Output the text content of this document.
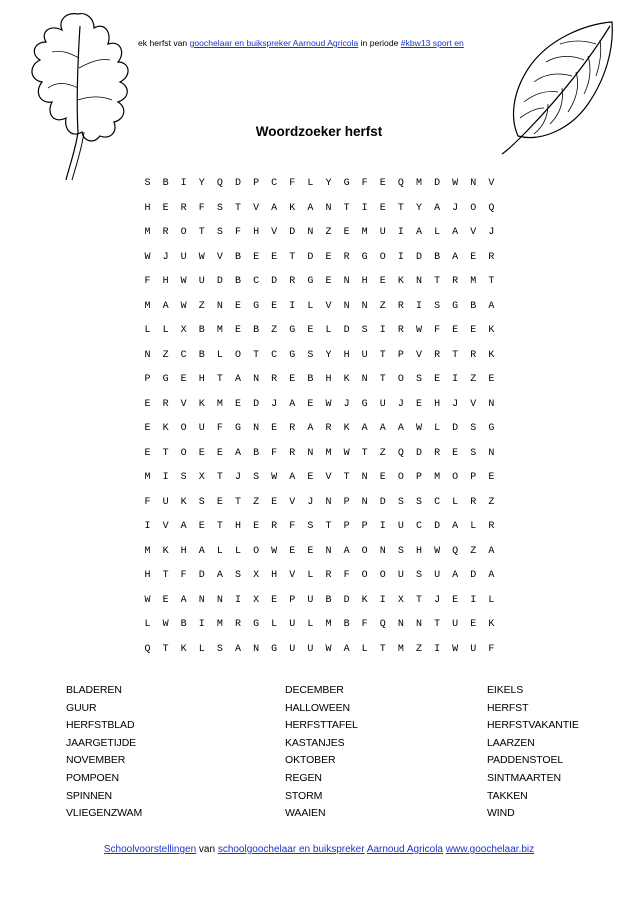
ek herfst van goochelaar en buikspreker Aarnoud Agricola in periode #kbw13 sport en
Woordzoeker herfst
S	B	I	Y	Q	D	P	C	F	L	Y	G	F	E	Q	M	D	W	N	V
H	E	R	F	S	T	V	A	K	A	N	T	I	E	T	Y	A	J	O	Q
M	R	O	T	S	F	H	V	D	N	Z	E	M	U	I	A	L	A	V	J
W	J	U	W	V	B	E	E	T	D	E	R	G	O	I	D	B	A	E	R
F	H	W	U	D	B	C	D	R	G	E	N	H	E	K	N	T	R	M	T
M	A	W	Z	N	E	G	E	I	L	V	N	N	Z	R	I	S	G	B	A
L	L	X	B	M	E	B	Z	G	E	L	D	S	I	R	W	F	E	E	K
N	Z	C	B	L	O	T	C	G	S	Y	H	U	T	P	V	R	T	R	K
P	G	E	H	T	A	N	R	E	B	H	K	N	T	O	S	E	I	Z	E
E	R	V	K	M	E	D	J	A	E	W	J	G	U	J	E	H	J	V	N
E	K	O	U	F	G	N	E	R	A	R	K	A	A	A	W	L	D	S	G
E	T	O	E	E	A	B	F	R	N	M	W	T	Z	Q	D	R	E	S	N
M	I	S	X	T	J	S	W	A	E	V	T	N	E	O	P	M	O	P	E
F	U	K	S	E	T	Z	E	V	J	N	P	N	D	S	S	C	L	R	Z
I	V	A	E	T	H	E	R	F	S	T	P	P	I	U	C	D	A	L	R
M	K	H	A	L	L	O	W	E	E	N	A	O	N	S	H	W	Q	Z	A
H	T	F	D	A	S	X	H	V	L	R	F	O	O	U	S	U	A	D	A
W	E	A	N	N	I	X	E	P	U	B	D	K	I	X	T	J	E	I	L
L	W	B	I	M	R	G	L	U	L	M	B	F	Q	N	N	T	U	E	K
Q	T	K	L	S	A	N	G	U	U	W	A	L	T	M	Z	I	W	U	F
BLADEREN
GUUR
HERFSTBLAD
JAARGETIJDE
NOVEMBER
POMPOEN
SPINNEN
VLIEGENZWAM
DECEMBER
HALLOWEEN
HERFSTTAFEL
KASTANJES
OKTOBER
REGEN
STORM
WAAIEN
EIKELS
HERFST
HERFSTVAKANTIE
LAARZEN
PADDENSTOEL
SINTMAARTEN
TAKKEN
WIND
Schoolvoorstellingen van schoolgoochelaar en buikspreker Aarnoud Agricola www.goochelaar.biz
